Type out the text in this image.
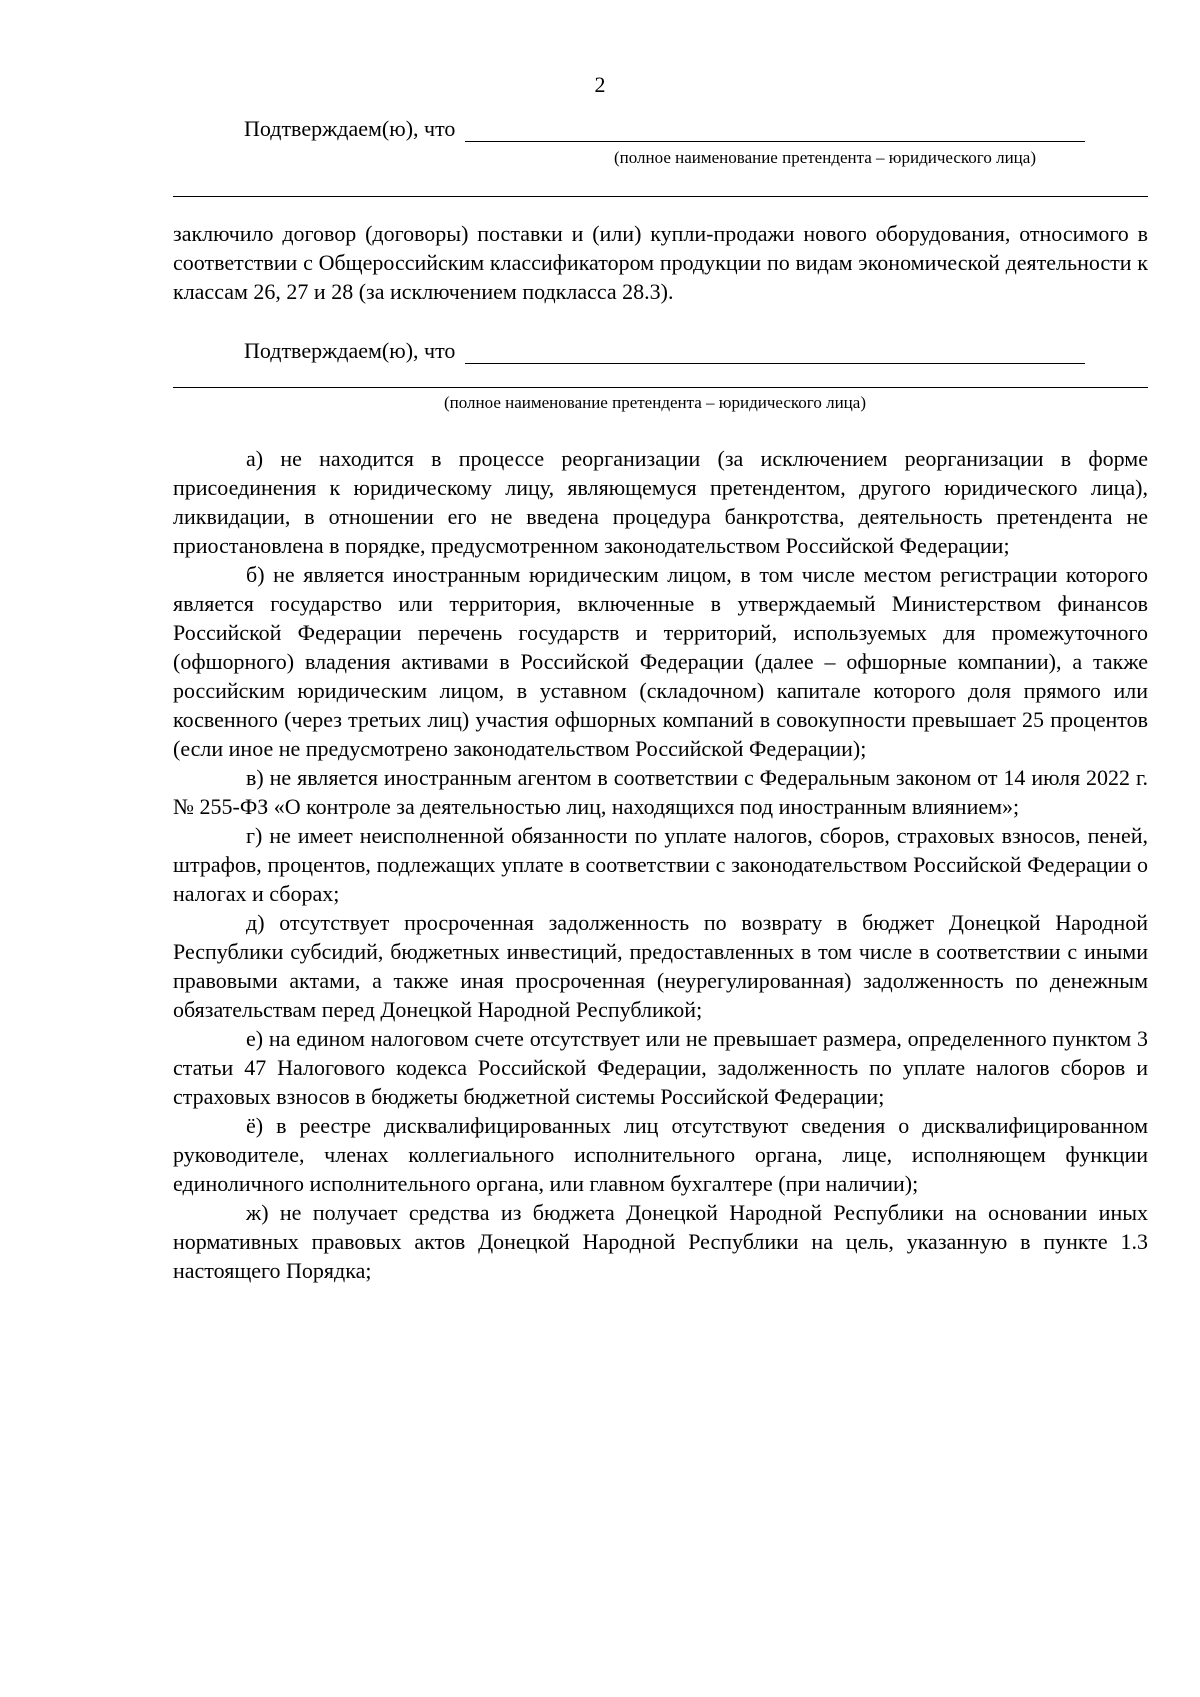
2
Подтверждаем(ю), что
(полное наименование претендента – юридического лица)

заключило договор (договоры) поставки и (или) купли-продажи нового оборудования, относимого в соответствии с Общероссийским классификатором продукции по видам экономической деятельности к классам 26, 27 и 28 (за исключением подкласса 28.3).

Подтверждаем(ю), что
(полное наименование претендента – юридического лица)

а) не находится в процессе реорганизации (за исключением реорганизации в форме присоединения к юридическому лицу, являющемуся претендентом, другого юридического лица), ликвидации, в отношении его не введена процедура банкротства, деятельность претендента не приостановлена в порядке, предусмотренном законодательством Российской Федерации;

б) не является иностранным юридическим лицом, в том числе местом регистрации которого является государство или территория, включенные в утверждаемый Министерством финансов Российской Федерации перечень государств и территорий, используемых для промежуточного (офшорного) владения активами в Российской Федерации (далее – офшорные компании), а также российским юридическим лицом, в уставном (складочном) капитале которого доля прямого или косвенного (через третьих лиц) участия офшорных компаний в совокупности превышает 25 процентов (если иное не предусмотрено законодательством Российской Федерации);

в) не является иностранным агентом в соответствии с Федеральным законом от 14 июля 2022 г. № 255-ФЗ «О контроле за деятельностью лиц, находящихся под иностранным влиянием»;

г) не имеет неисполненной обязанности по уплате налогов, сборов, страховых взносов, пеней, штрафов, процентов, подлежащих уплате в соответствии с законодательством Российской Федерации о налогах и сборах;

д) отсутствует просроченная задолженность по возврату в бюджет Донецкой Народной Республики субсидий, бюджетных инвестиций, предоставленных в том числе в соответствии с иными правовыми актами, а также иная просроченная (неурегулированная) задолженность по денежным обязательствам перед Донецкой Народной Республикой;

е) на едином налоговом счете отсутствует или не превышает размера, определенного пунктом 3 статьи 47 Налогового кодекса Российской Федерации, задолженность по уплате налогов сборов и страховых взносов в бюджеты бюджетной системы Российской Федерации;

ё) в реестре дисквалифицированных лиц отсутствуют сведения о дисквалифицированном руководителе, членах коллегиального исполнительного органа, лице, исполняющем функции единоличного исполнительного органа, или главном бухгалтере (при наличии);

ж) не получает средства из бюджета Донецкой Народной Республики на основании иных нормативных правовых актов Донецкой Народной Республики на цель, указанную в пункте 1.3 настоящего Порядка;
